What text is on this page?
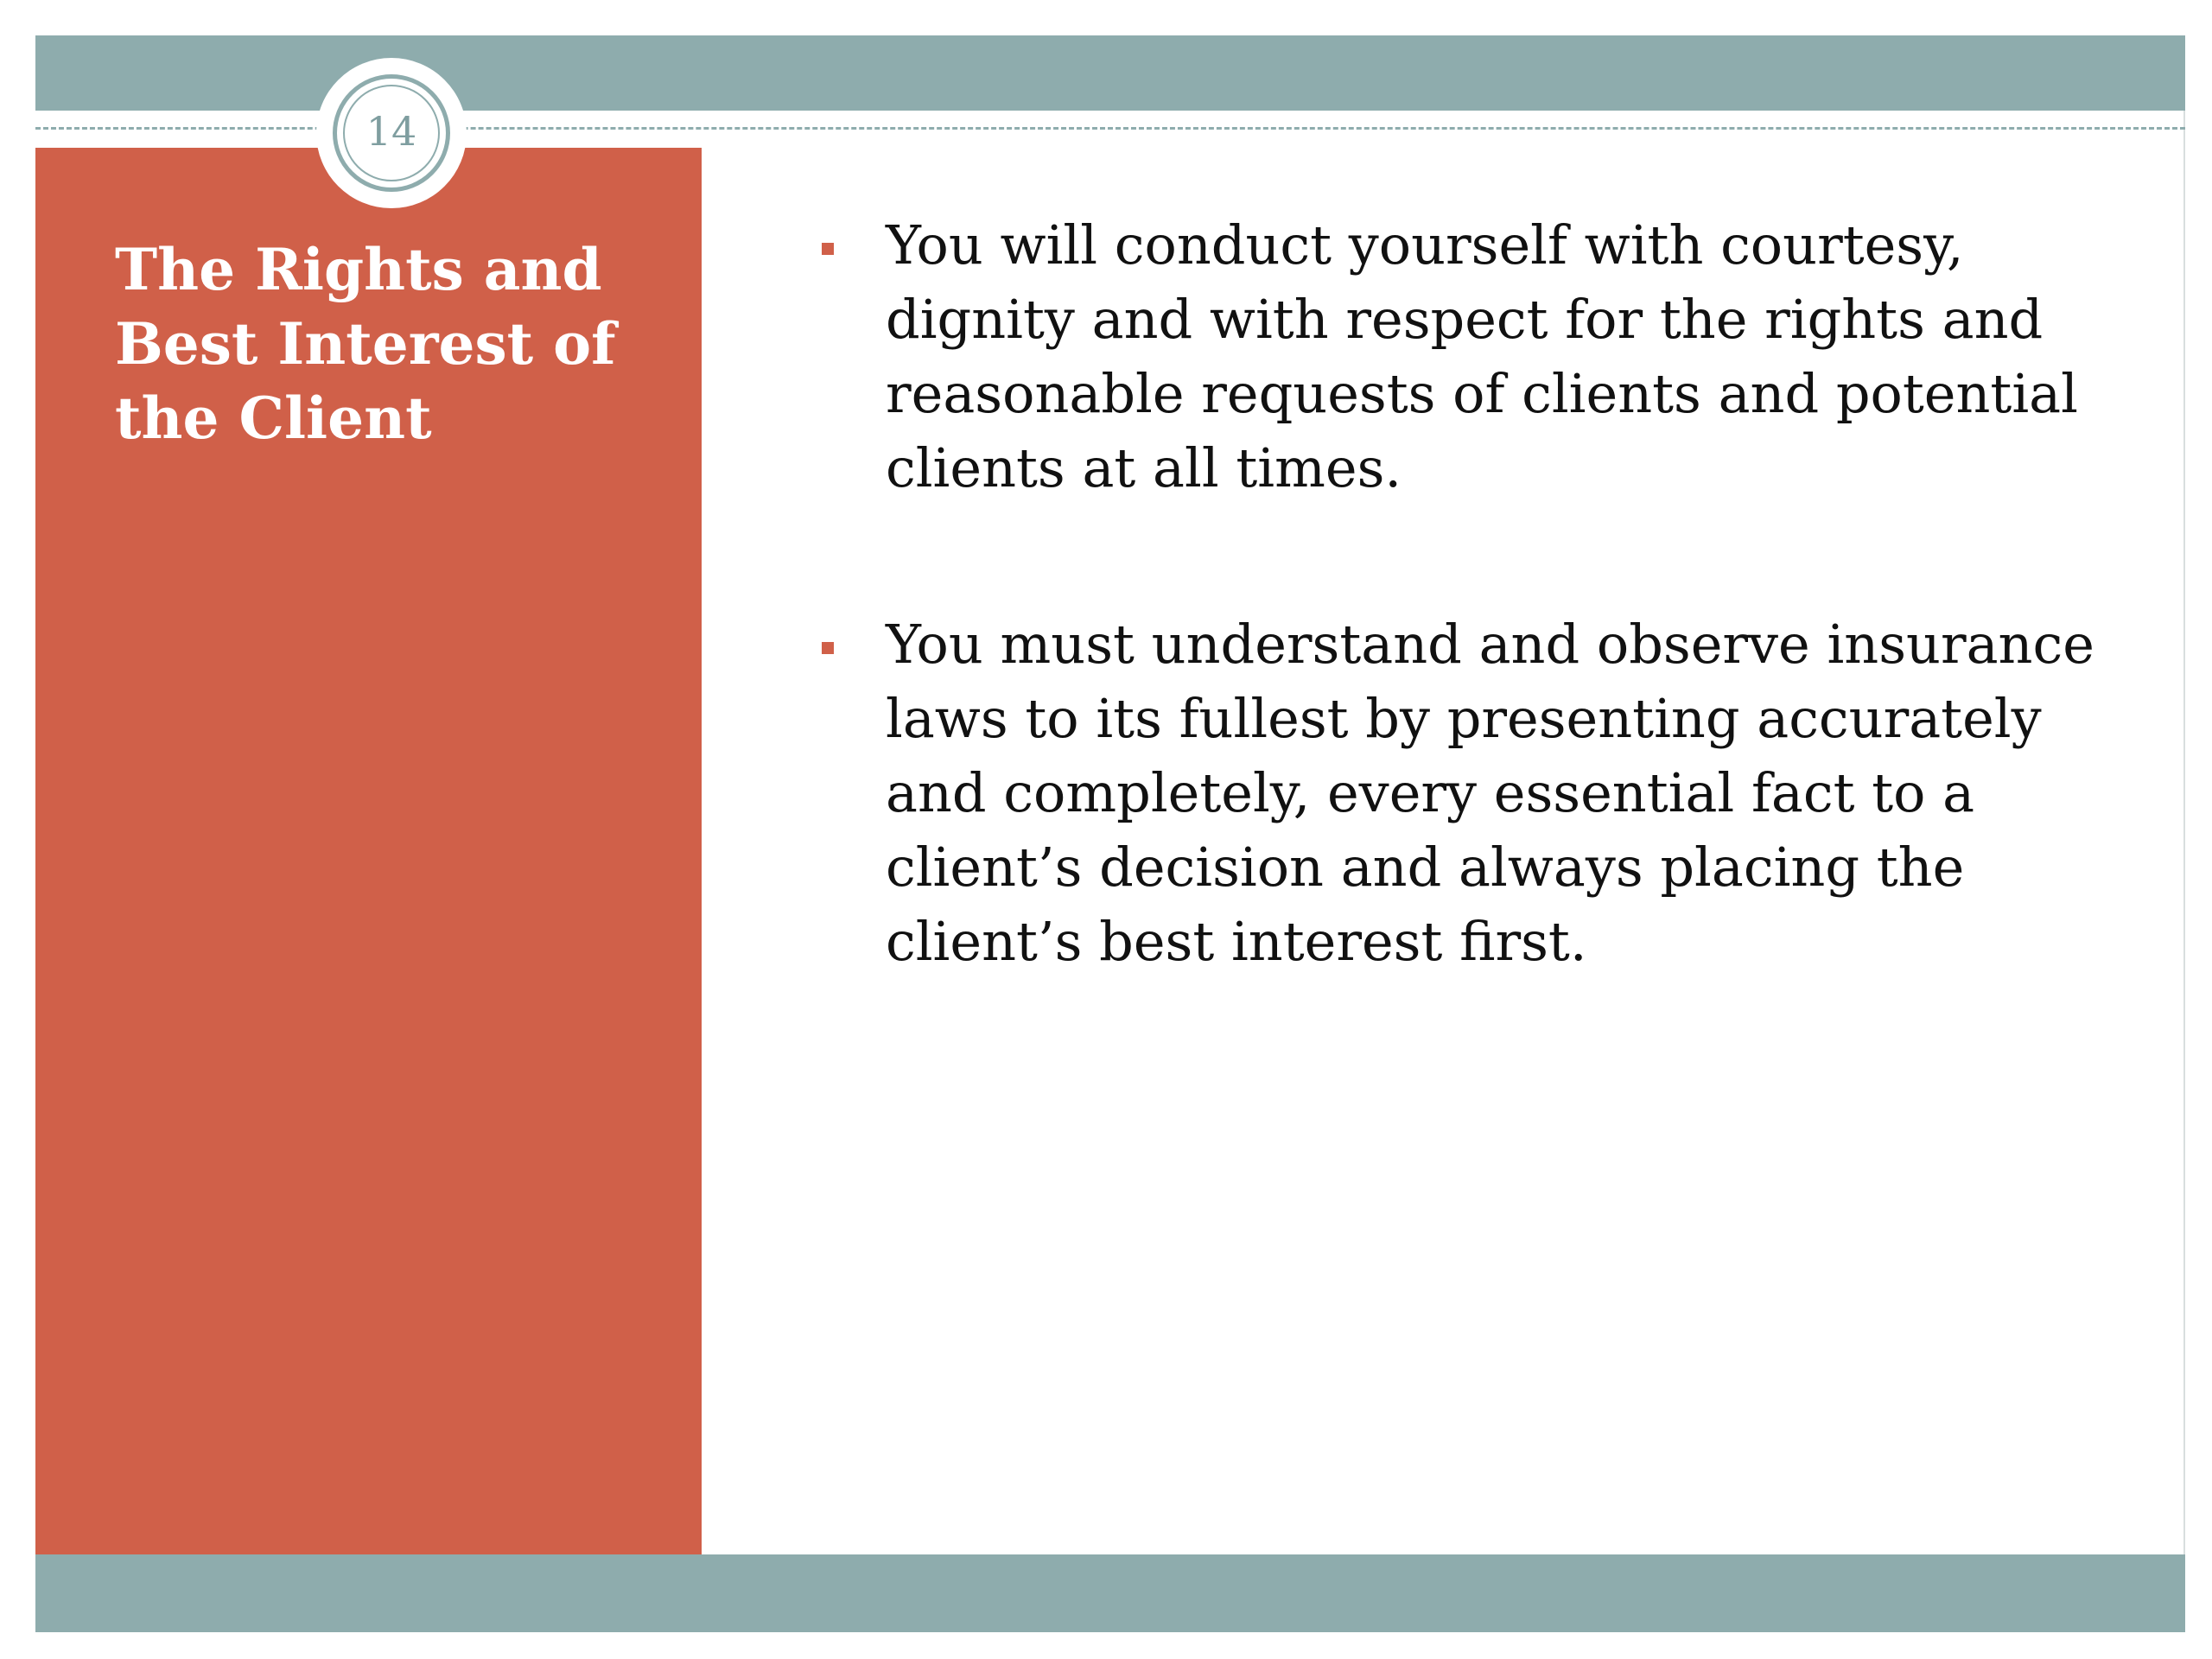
14
The Rights and Best Interest of the Client
You will conduct yourself with courtesy, dignity and with respect for the rights and reasonable requests of clients and potential clients at all times.
You must understand and observe insurance laws to its fullest by presenting accurately and completely, every essential fact to a client’s decision and always placing the client’s best interest first.
